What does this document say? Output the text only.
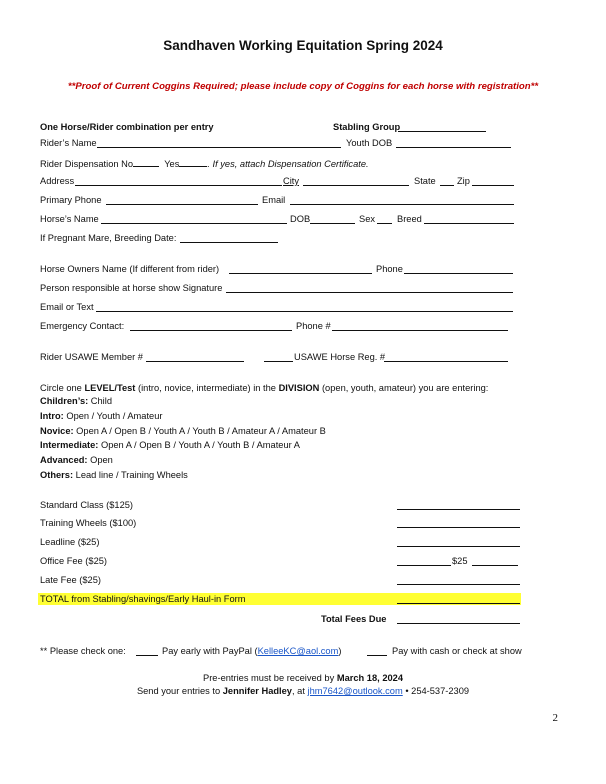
Sandhaven Working Equitation Spring 2024
**Proof of Current Coggins Required; please include copy of Coggins for each horse with registration**
One Horse/Rider combination per entry	Stabling Group
Rider’s Name	Youth DOB
Rider Dispensation No	Yes	. If yes, attach Dispensation Certificate.
Address	City	State Zip
Primary Phone	Email
Horse’s Name	DOB	Sex Breed
If Pregnant Mare, Breeding Date:
Horse Owners Name (If different from rider)	Phone
Person responsible at horse show Signature
Email or Text
Emergency Contact:	Phone #
Rider USAWE Member #	USAWE Horse Reg. #
Circle one LEVEL/Test (intro, novice, intermediate) in the DIVISION (open, youth, amateur) you are entering:
Children’s: Child
Intro: Open / Youth / Amateur
Novice: Open A / Open B / Youth A / Youth B / Amateur A / Amateur B
Intermediate: Open A / Open B / Youth A / Youth B / Amateur A
Advanced: Open
Others: Lead line / Training Wheels
Standard Class ($125)
Training Wheels ($100)
Leadline ($25)
Office Fee ($25)	$25
Late Fee ($25)
TOTAL from Stabling/shavings/Early Haul-in Form
Total Fees Due
** Please check one:	Pay early with PayPal (KelleeKC@aol.com)	Pay with cash or check at show
Pre-entries must be received by March 18, 2024
Send your entries to Jennifer Hadley, at jhm7642@outlook.com • 254-537-2309
2
